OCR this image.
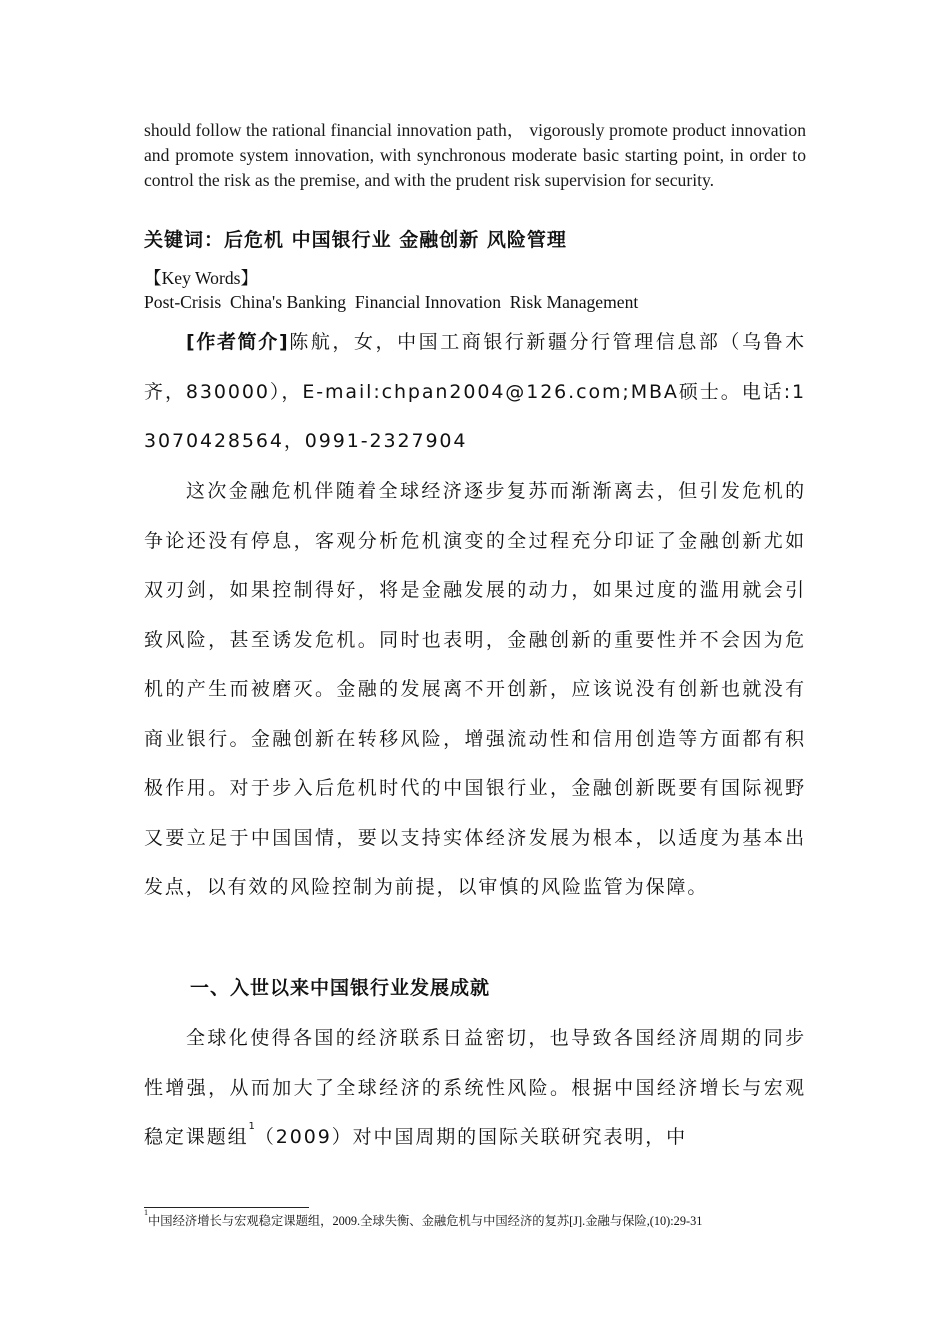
should follow the rational financial innovation path， vigorously promote product innovation and promote system innovation, with synchronous moderate basic starting point, in order to control the risk as the premise, and with the prudent risk supervision for security.

关键词：后危机 中国银行业 金融创新 风险管理

【Key Words】

Post-Crisis  China's Banking  Financial Innovation  Risk Management

[作者简介]陈航，女，中国工商银行新疆分行管理信息部（乌鲁木齐，830000），E-mail:chpan2004@126.com;MBA硕士。电话:13070428564，0991-2327904

这次金融危机伴随着全球经济逐步复苏而渐渐离去，但引发危机的争论还没有停息，客观分析危机演变的全过程充分印证了金融创新尤如双刃剑，如果控制得好，将是金融发展的动力，如果过度的滥用就会引致风险，甚至诱发危机。同时也表明，金融创新的重要性并不会因为危机的产生而被磨灭。金融的发展离不开创新，应该说没有创新也就没有商业银行。金融创新在转移风险，增强流动性和信用创造等方面都有积极作用。对于步入后危机时代的中国银行业，金融创新既要有国际视野又要立足于中国国情，要以支持实体经济发展为根本，以适度为基本出发点，以有效的风险控制为前提，以审慎的风险监管为保障。

一、入世以来中国银行业发展成就

全球化使得各国的经济联系日益密切，也导致各国经济周期的同步性增强，从而加大了全球经济的系统性风险。根据中国经济增长与宏观稳定课题组$^1$（2009）对中国周期的国际关联研究表明，中

$^1$中国经济增长与宏观稳定课题组，2009.全球失衡、金融危机与中国经济的复苏[J].金融与保险,(10):29-31
